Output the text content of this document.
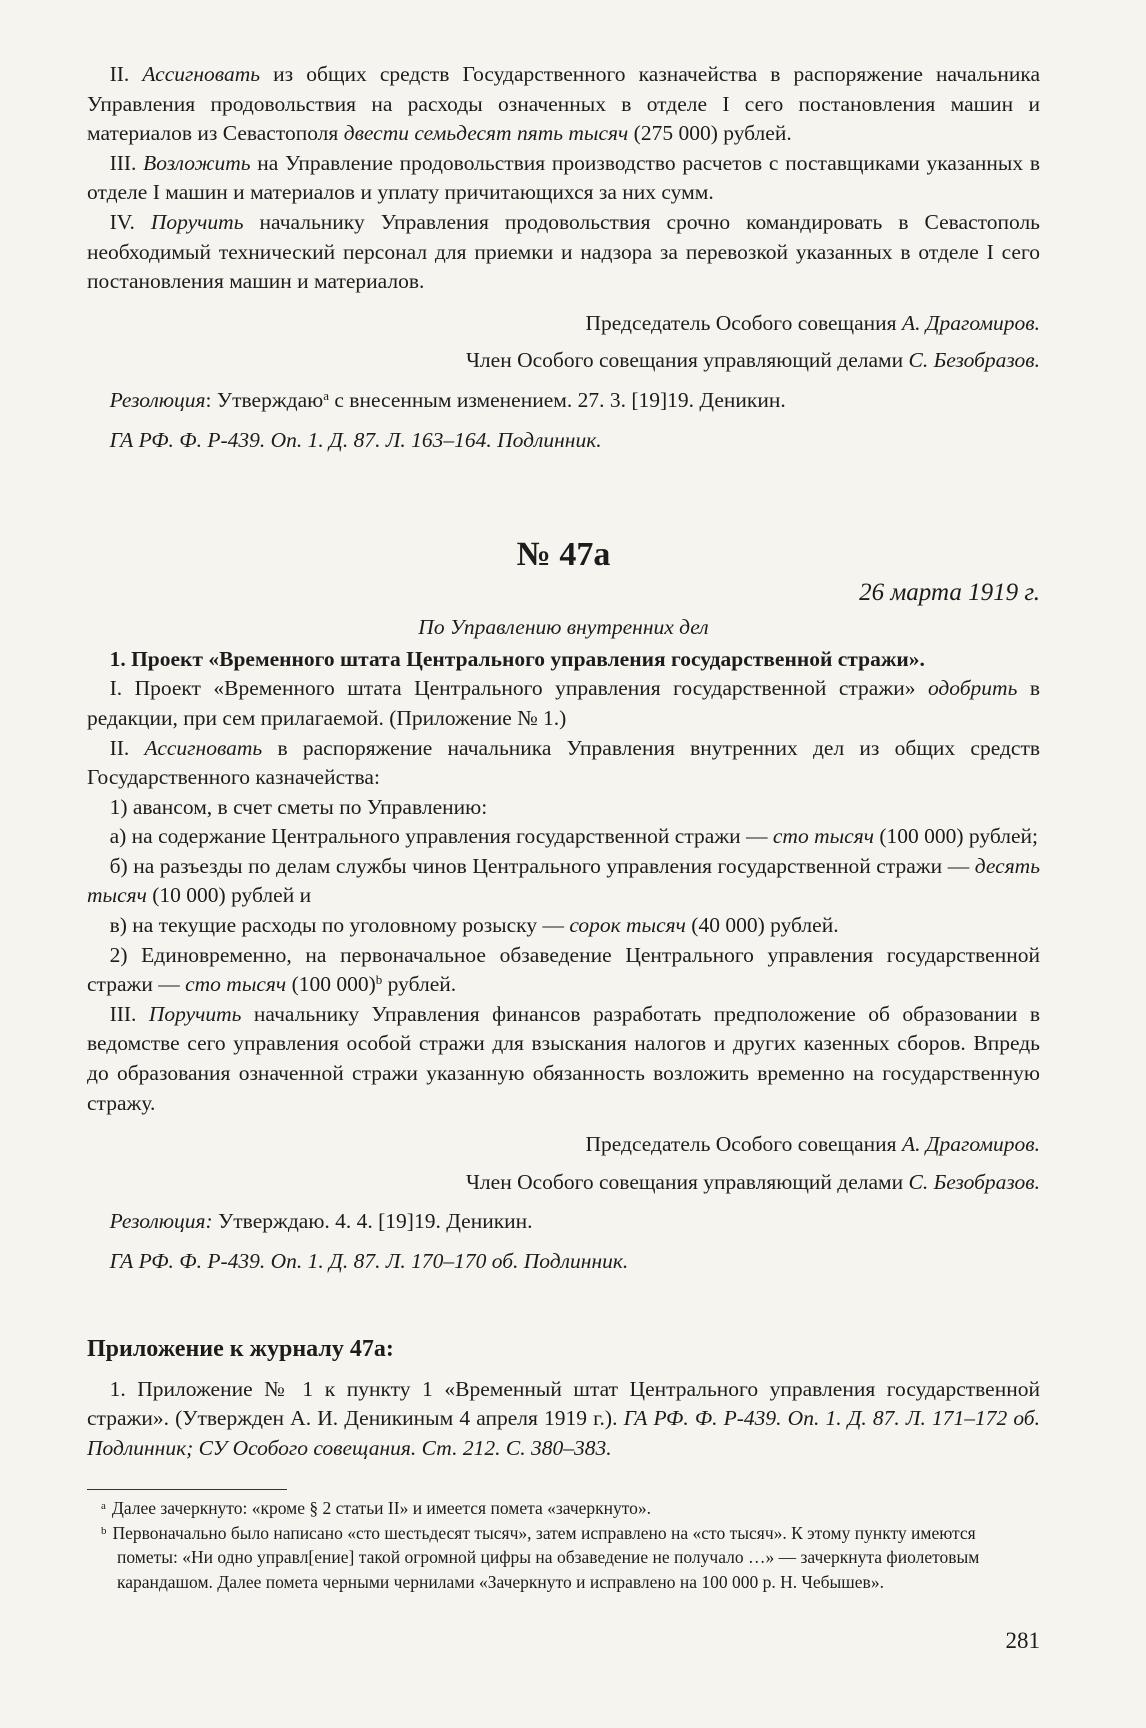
II. Ассигновать из общих средств Государственного казначейства в распоряжение начальника Управления продовольствия на расходы означенных в отделе I сего постановления машин и материалов из Севастополя двести семьдесят пять тысяч (275 000) рублей.

III. Возложить на Управление продовольствия производство расчетов с поставщиками указанных в отделе I машин и материалов и уплату причитающихся за них сумм.

IV. Поручить начальнику Управления продовольствия срочно командировать в Севастополь необходимый технический персонал для приемки и надзора за перевозкой указанных в отделе I сего постановления машин и материалов.

Председатель Особого совещания А. Драгомиров.

Член Особого совещания управляющий делами С. Безобразов.

Резолюция: Утверждаю$^a$ с внесенным изменением. 27. 3. [19]19. Деникин.

ГА РФ. Ф. Р-439. Оп. 1. Д. 87. Л. 163–164. Подлинник.

№ 47а

26 марта 1919 г.

По Управлению внутренних дел

1. Проект «Временного штата Центрального управления государственной стражи».

I. Проект «Временного штата Центрального управления государственной стражи» одобрить в редакции, при сем прилагаемой. (Приложение № 1.)

II. Ассигновать в распоряжение начальника Управления внутренних дел из общих средств Государственного казначейства:

1) авансом, в счет сметы по Управлению:

а) на содержание Центрального управления государственной стражи — сто тысяч (100 000) рублей;

б) на разъезды по делам службы чинов Центрального управления государственной стражи — десять тысяч (10 000) рублей и

в) на текущие расходы по уголовному розыску — сорок тысяч (40 000) рублей.

2) Единовременно, на первоначальное обзаведение Центрального управления государственной стражи — сто тысяч (100 000)$^b$ рублей.

III. Поручить начальнику Управления финансов разработать предположение об образовании в ведомстве сего управления особой стражи для взыскания налогов и других казенных сборов. Впредь до образования означенной стражи указанную обязанность возложить временно на государственную стражу.

Председатель Особого совещания А. Драгомиров.

Член Особого совещания управляющий делами С. Безобразов.

Резолюция: Утверждаю. 4. 4. [19]19. Деникин.

ГА РФ. Ф. Р-439. Оп. 1. Д. 87. Л. 170–170 об. Подлинник.

Приложение к журналу 47а:

1. Приложение № 1 к пункту 1 «Временный штат Центрального управления государственной стражи». (Утвержден А. И. Деникиным 4 апреля 1919 г.). ГА РФ. Ф. Р-439. Оп. 1. Д. 87. Л. 171–172 об. Подлинник; СУ Особого совещания. Ст. 212. С. 380–383.

$^a$ Далее зачеркнуто: «кроме § 2 статьи II» и имеется помета «зачеркнуто».

$^b$ Первоначально было написано «сто шестьдесят тысяч», затем исправлено на «сто тысяч». К этому пункту имеются пометы: «Ни одно управл[ение] такой огромной цифры на обзаведение не получало …» — зачеркнута фиолетовым карандашом. Далее помета черными чернилами «Зачеркнуто и исправлено на 100 000 р. Н. Чебышев».

281
